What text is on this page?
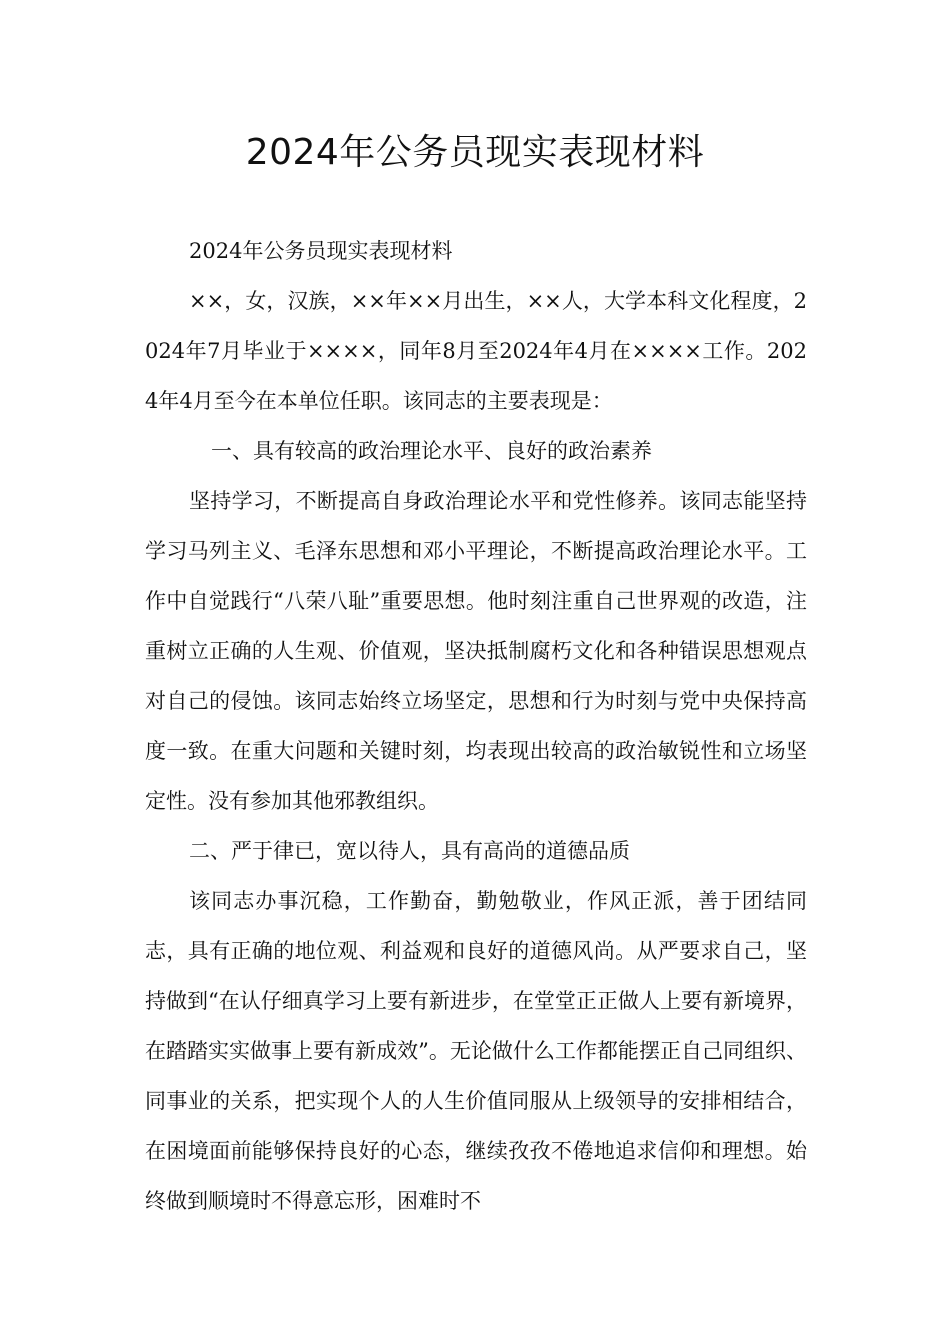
2024年公务员现实表现材料

2024年公务员现实表现材料

××，女，汉族，××年××月出生，××人，大学本科文化程度，2024年7月毕业于××××，同年8月至2024年4月在××××工作。2024年4月至今在本单位任职。该同志的主要表现是：

一、具有较高的政治理论水平、良好的政治素养

坚持学习，不断提高自身政治理论水平和党性修养。该同志能坚持学习马列主义、毛泽东思想和邓小平理论，不断提高政治理论水平。工作中自觉践行“八荣八耻”重要思想。他时刻注重自己世界观的改造，注重树立正确的人生观、价值观，坚决抵制腐朽文化和各种错误思想观点对自己的侵蚀。该同志始终立场坚定，思想和行为时刻与党中央保持高度一致。在重大问题和关键时刻，均表现出较高的政治敏锐性和立场坚定性。没有参加其他邪教组织。

二、严于律已，宽以待人，具有高尚的道德品质

该同志办事沉稳，工作勤奋，勤勉敬业，作风正派，善于团结同志，具有正确的地位观、利益观和良好的道德风尚。从严要求自己，坚持做到“在认仔细真学习上要有新进步，在堂堂正正做人上要有新境界，在踏踏实实做事上要有新成效”。无论做什么工作都能摆正自己同组织、同事业的关系，把实现个人的人生价值同服从上级领导的安排相结合，在困境面前能够保持良好的心态，继续孜孜不倦地追求信仰和理想。始终做到顺境时不得意忘形，困难时不
